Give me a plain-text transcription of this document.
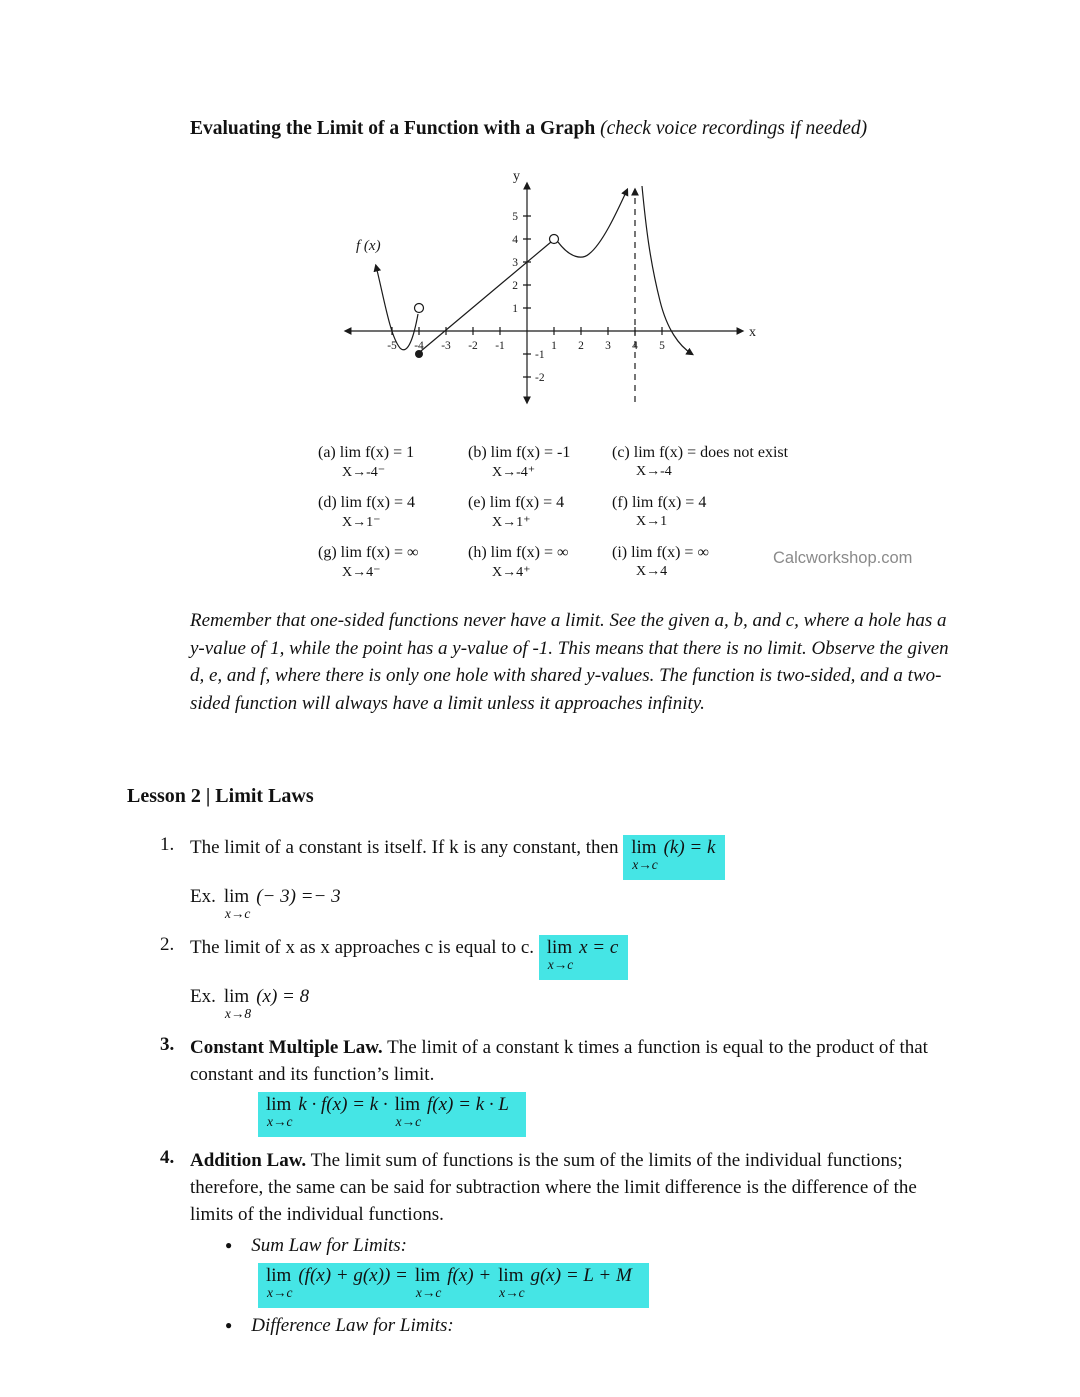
Evaluating the Limit of a Function with a Graph (check voice recordings if needed)
-5 -4 -3 -2 -1	1 2 3 4 5
5
4
3
2
1
-1
-2
y
x
f (x)
(a) lim f(x) = 1
X→-4⁻
(b) lim f(x) = -1
X→-4⁺
(c) lim f(x) = does not exist
X→-4
(d) lim f(x) = 4
X→1⁻
(e) lim f(x) = 4
X→1⁺
(f) lim f(x) = 4
X→1
(g) lim f(x) = ∞
X→4⁻
(h) lim f(x) = ∞
X→4⁺
(i) lim f(x) = ∞
X→4
Calcworkshop.com

Remember that one-sided functions never have a limit. See the given a, b, and c, where a hole has a y-value of 1, while the point has a y-value of -1. This means that there is no limit. Observe the given d, e, and f, where there is only one hole with shared y-values. The function is two-sided, and a two-sided function will always have a limit unless it approaches infinity.

Lesson 2 | Limit Laws
1. The limit of a constant is itself. If k is any constant, then lim
x→c
(k) = k
Ex. lim
x→c
(− 3) =− 3
2. The limit of x as x approaches c is equal to c. lim
x→c
x = c
Ex. lim
x→8
(x) = 8
3. Constant Multiple Law. The limit of a constant k times a function is equal to the product of that constant and its function’s limit.
lim
x→c
k · f(x) = k · lim
x→c
f(x) = k · L
4. Addition Law. The limit sum of functions is the sum of the limits of the individual functions; therefore, the same can be said for subtraction where the limit difference is the difference of the limits of the individual functions.
● Sum Law for Limits:
lim
x→c
(f(x) + g(x)) = lim
x→c
f(x) + lim
x→c
g(x) = L + M
● Difference Law for Limits:
